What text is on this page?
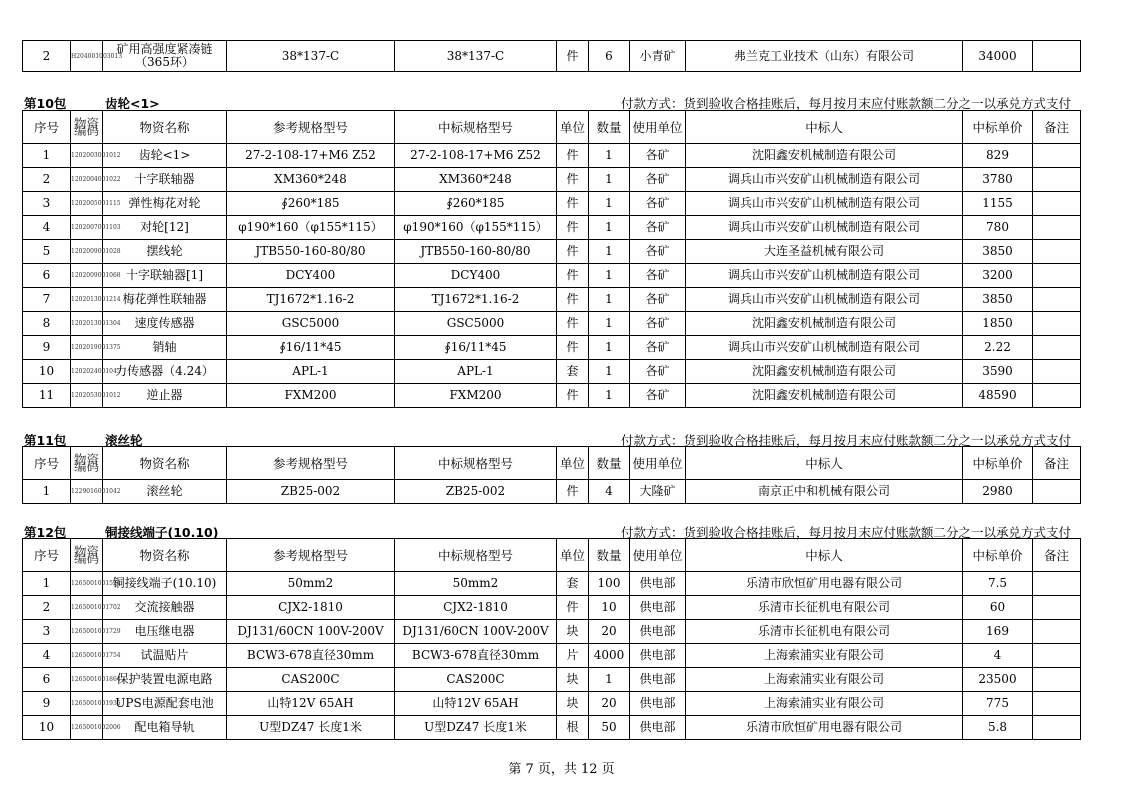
2	H204001003013	矿用高强度紧凑链（365环）	38*137-C	38*137-C	件	6	小青矿	弗兰克工业技术（山东）有限公司	34000	
第10包	齿轮<1>	付款方式：货到验收合格挂账后，每月按月末应付账款额二分之一以承兑方式支付
序号	物资编码	物资名称	参考规格型号	中标规格型号	单位	数量	使用单位	中标人	中标单价	备注
1	1202003001012	齿轮<1>	27-2-108-17+M6 Z52	27-2-108-17+M6 Z52	件	1	各矿	沈阳鑫安机械制造有限公司	829	
2	1202004001022	十字联轴器	XM360*248	XM360*248	件	1	各矿	调兵山市兴安矿山机械制造有限公司	3780	
3	1202005001115	弹性梅花对轮	∮260*185	∮260*185	件	1	各矿	调兵山市兴安矿山机械制造有限公司	1155	
4	1202007001103	对轮[12]	φ190*160（φ155*115）	φ190*160（φ155*115）	件	1	各矿	调兵山市兴安矿山机械制造有限公司	780	
5	1202009001028	摆线轮	JTB550-160-80/80	JTB550-160-80/80	件	1	各矿	大连圣益机械有限公司	3850	
6	1202009001068	十字联轴器[1]	DCY400	DCY400	件	1	各矿	调兵山市兴安矿山机械制造有限公司	3200	
7	1202013001214	梅花弹性联轴器	TJ1672*1.16-2	TJ1672*1.16-2	件	1	各矿	调兵山市兴安矿山机械制造有限公司	3850	
8	1202013001304	速度传感器	GSC5000	GSC5000	件	1	各矿	沈阳鑫安机械制造有限公司	1850	
9	1202019001375	销轴	∮16/11*45	∮16/11*45	件	1	各矿	调兵山市兴安矿山机械制造有限公司	2.22	
10	1202024001045	力传感器（4.24）	APL-1	APL-1	套	1	各矿	沈阳鑫安机械制造有限公司	3590	
11	1202053001012	逆止器	FXM200	FXM200	件	1	各矿	沈阳鑫安机械制造有限公司	48590	
第11包	滚丝轮	付款方式：货到验收合格挂账后，每月按月末应付账款额二分之一以承兑方式支付
序号	物资编码	物资名称	参考规格型号	中标规格型号	单位	数量	使用单位	中标人	中标单价	备注
1	1229016001042	滚丝轮	ZB25-002	ZB25-002	件	4	大隆矿	南京正中和机械有限公司	2980	
第12包	铜接线端子(10.10)	付款方式：货到验收合格挂账后，每月按月末应付账款额二分之一以承兑方式支付
序号	物资编码	物资名称	参考规格型号	中标规格型号	单位	数量	使用单位	中标人	中标单价	备注
1	1265001001524	铜接线端子(10.10)	50mm2	50mm2	套	100	供电部	乐清市欣恒矿用电器有限公司	7.5	
2	1265001001702	交流接触器	CJX2-1810	CJX2-1810	件	10	供电部	乐清市长征机电有限公司	60	
3	1265001001729	电压继电器	DJ131/60CN 100V-200V	DJ131/60CN 100V-200V	块	20	供电部	乐清市长征机电有限公司	169	
4	1265001001754	试温贴片	BCW3-678直径30mm	BCW3-678直径30mm	片	4000	供电部	上海索浦实业有限公司	4	
6	1265001001864	保护装置电源电路	CAS200C	CAS200C	块	1	供电部	上海索浦实业有限公司	23500	
9	1265001001935	UPS电源配套电池	山特12V 65AH	山特12V 65AH	块	20	供电部	上海索浦实业有限公司	775	
10	1265001002006	配电箱导轨	U型DZ47 长度1米	U型DZ47 长度1米	根	50	供电部	乐清市欣恒矿用电器有限公司	5.8	
第 7 页，共 12 页
